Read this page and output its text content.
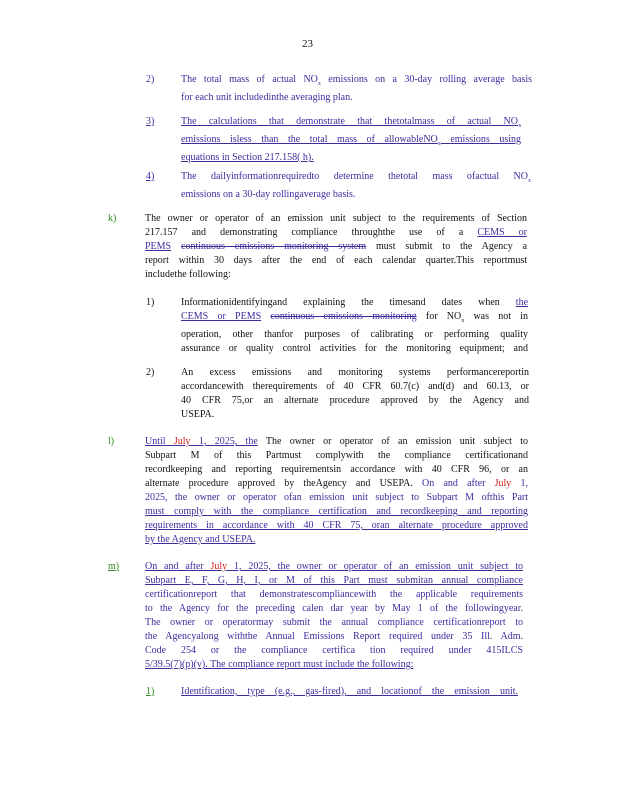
23
2)	The total mass of actual $NO_x$ emissions on a 30-day rolling average basis
for each unit includedinthe averaging plan.
3)	The calculations that demonstrate that thetotalmass of actual $NO_x$
emissions isless than the total mass of allowableNO$_x$ emissions using
equations in Section 217.158( h).
4)	The dailyinformationrequiredto determine thetotal mass ofactual $NO_x$
emissions on a 30-day rollingaverage basis.
k)	The owner or operator of an emission unit subject to the requirements of Section
217.157 and demonstrating compliance throughthe use of a CEMS or
PEMS continuous emissions monitoring system must submit to the Agency a
report within 30 days after the end of each calendar quarter.This reportmust
includethe following:
1)	Informationidentifyingand explaining the timesand dates when the
CEMS or PEMS continuous emissions monitoring for $NO_x$ was not in
operation, other thanfor purposes of calibrating or performing quality
assurance or quality control activities for the monitoring equipment; and
2)	An excess emissions and monitoring systems performancereportin
accordancewith therequirements of 40 CFR 60.7(c) and(d) and 60.13, or
40 CFR 75,or an alternate procedure approved by the Agency and
USEPA.
l)	Until July 1, 2025, the The owner or operator of an emission unit subject to
Subpart M of this Partmust complywith the compliance certificationand
recordkeeping and reporting requirementsin accordance with 40 CFR 96, or an
alternate procedure approved by theAgency and USEPA. On and after July 1,
2025, the owner or operator ofan emission unit subject to Subpart M ofthis Part
must comply with the compliance certification and recordkeeping and reporting
requirements in accordance with 40 CFR 75, oran alternate procedure approved
by the Agency and USEPA.
m)	On and after July 1, 2025, the owner or operator of an emission unit subject to
Subpart E, F, G, H, I, or M of this Part must submitan annual compliance
certificationreport that demonstratescompliancewith the applicable requirements
to the Agency for the preceding calen dar year by May 1 of the followingyear.
The owner or operatormay submit the annual compliance certificationreport to
the Agencyalong withthe Annual Emissions Report required under 35 Ill. Adm.
Code 254 or the compliance certifica tion required under 415ILCS
5/39.5(7)(p)(v). The compliance report must include the following:
1)	Identification, type (e.g., gas-fired), and locationof the emission unit.
